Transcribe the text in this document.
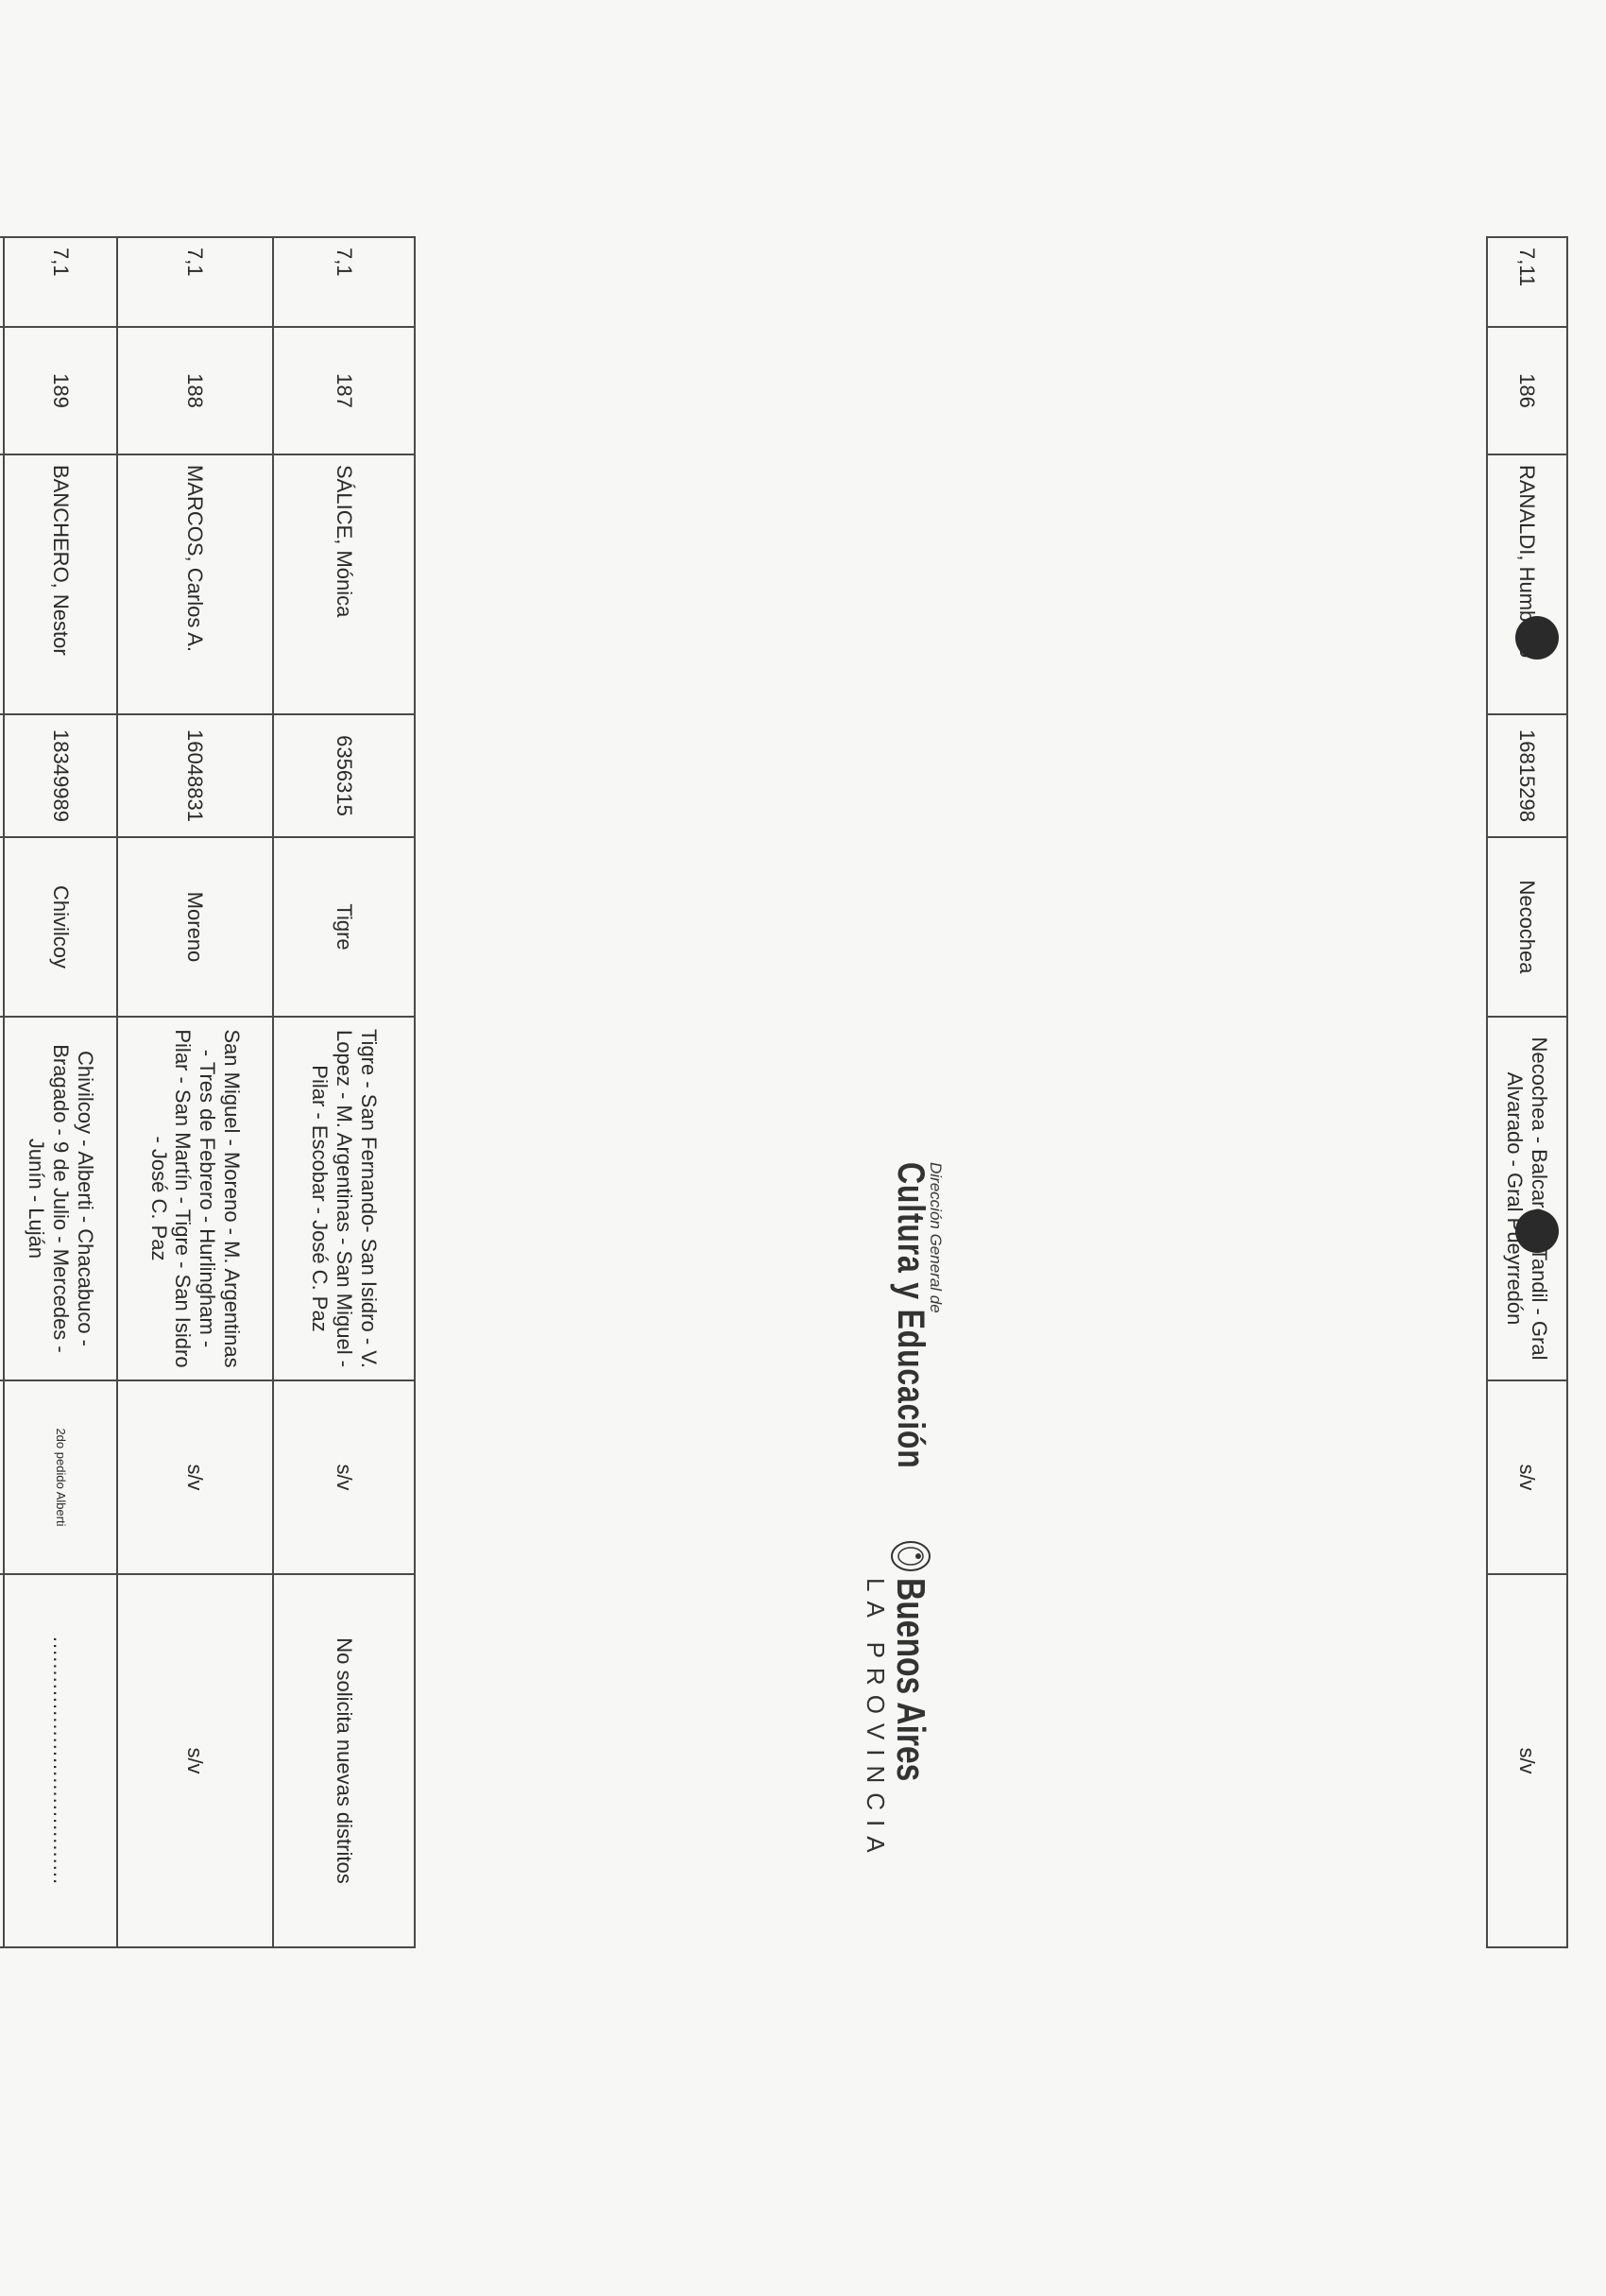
7,11	186	RANALDI, Humberto	16815298	Necochea	Necochea - Balcarce - Tandil - Gral Alvarado - Gral Pueyrredón	s/v	s/v
Dirección General de
Cultura y Educación
Buenos Aires
LA PROVINCIA
7,1	187	SÁLICE, Mónica	6356315	Tigre	Tigre - San Fernando- San Isidro - V. Lopez - M. Argentinas - San Miguel - Pilar - Escobar - José C. Paz	s/v	No solicita nuevas distritos
7,1	188	MARCOS, Carlos A.	16048831	Moreno	San Miguel - Moreno - M. Argentinas - Tres de Febrero - Hurlingham - Pilar - San Martín - Tigre - San Isidro - José C. Paz	s/v	s/v
7,1	189	BANCHERO, Nestor	18349989	Chivilcoy	Chivilcoy - Alberti - Chacabuco - Bragado - 9 de Julio - Mercedes - Junín - Luján	2do pedido Alberti	.....................................
